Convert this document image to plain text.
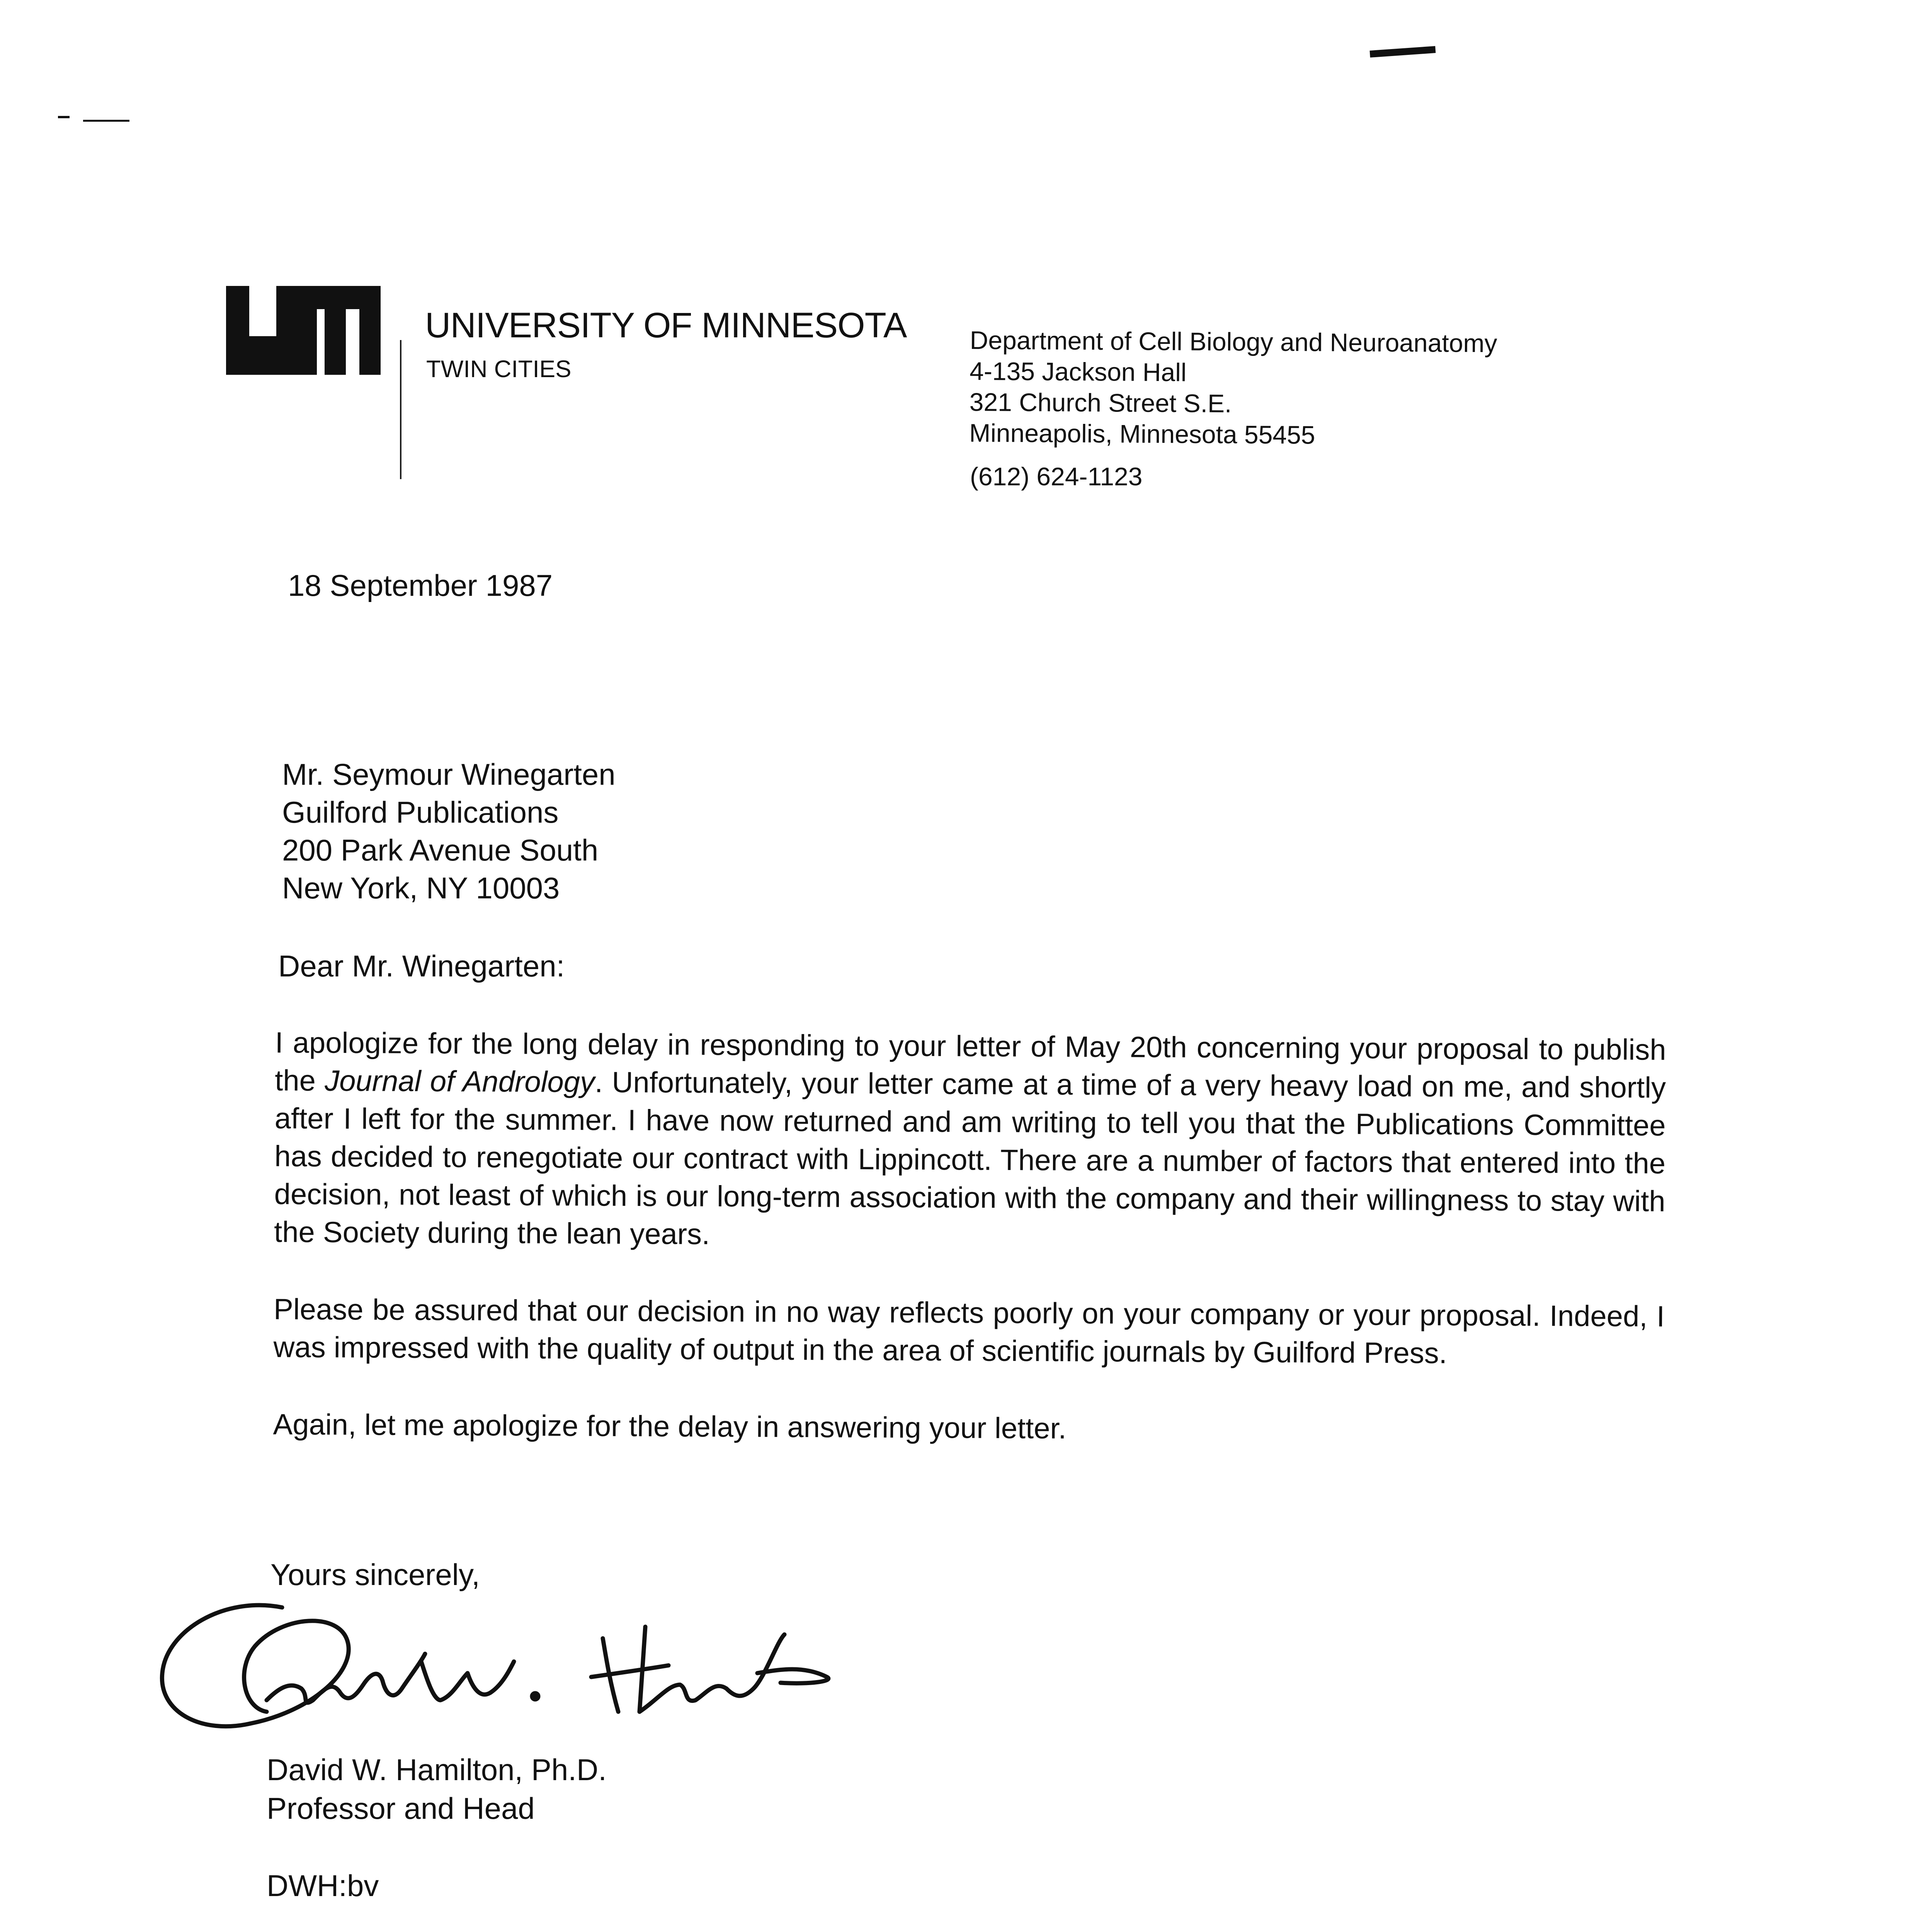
UNIVERSITY OF MINNESOTA
TWIN CITIES
Department of Cell Biology and Neuroanatomy
4-135 Jackson Hall
321 Church Street S.E.
Minneapolis, Minnesota 55455
(612) 624-1123
18 September 1987
Mr. Seymour Winegarten
Guilford Publications
200 Park Avenue South
New York, NY 10003
Dear Mr. Winegarten:

I apologize for the long delay in responding to your letter of May 20th concerning your proposal to publish the Journal of Andrology. Unfortunately, your letter came at a time of a very heavy load on me, and shortly after I left for the summer. I have now returned and am writing to tell you that the Publications Committee has decided to renegotiate our contract with Lippincott. There are a number of factors that entered into the decision, not least of which is our long-term association with the company and their willingness to stay with the Society during the lean years.

Please be assured that our decision in no way reflects poorly on your company or your proposal. Indeed, I was impressed with the quality of output in the area of scientific journals by Guilford Press.

Again, let me apologize for the delay in answering your letter.

Yours sincerely,
David W. Hamilton, Ph.D.
Professor and Head
DWH:bv
